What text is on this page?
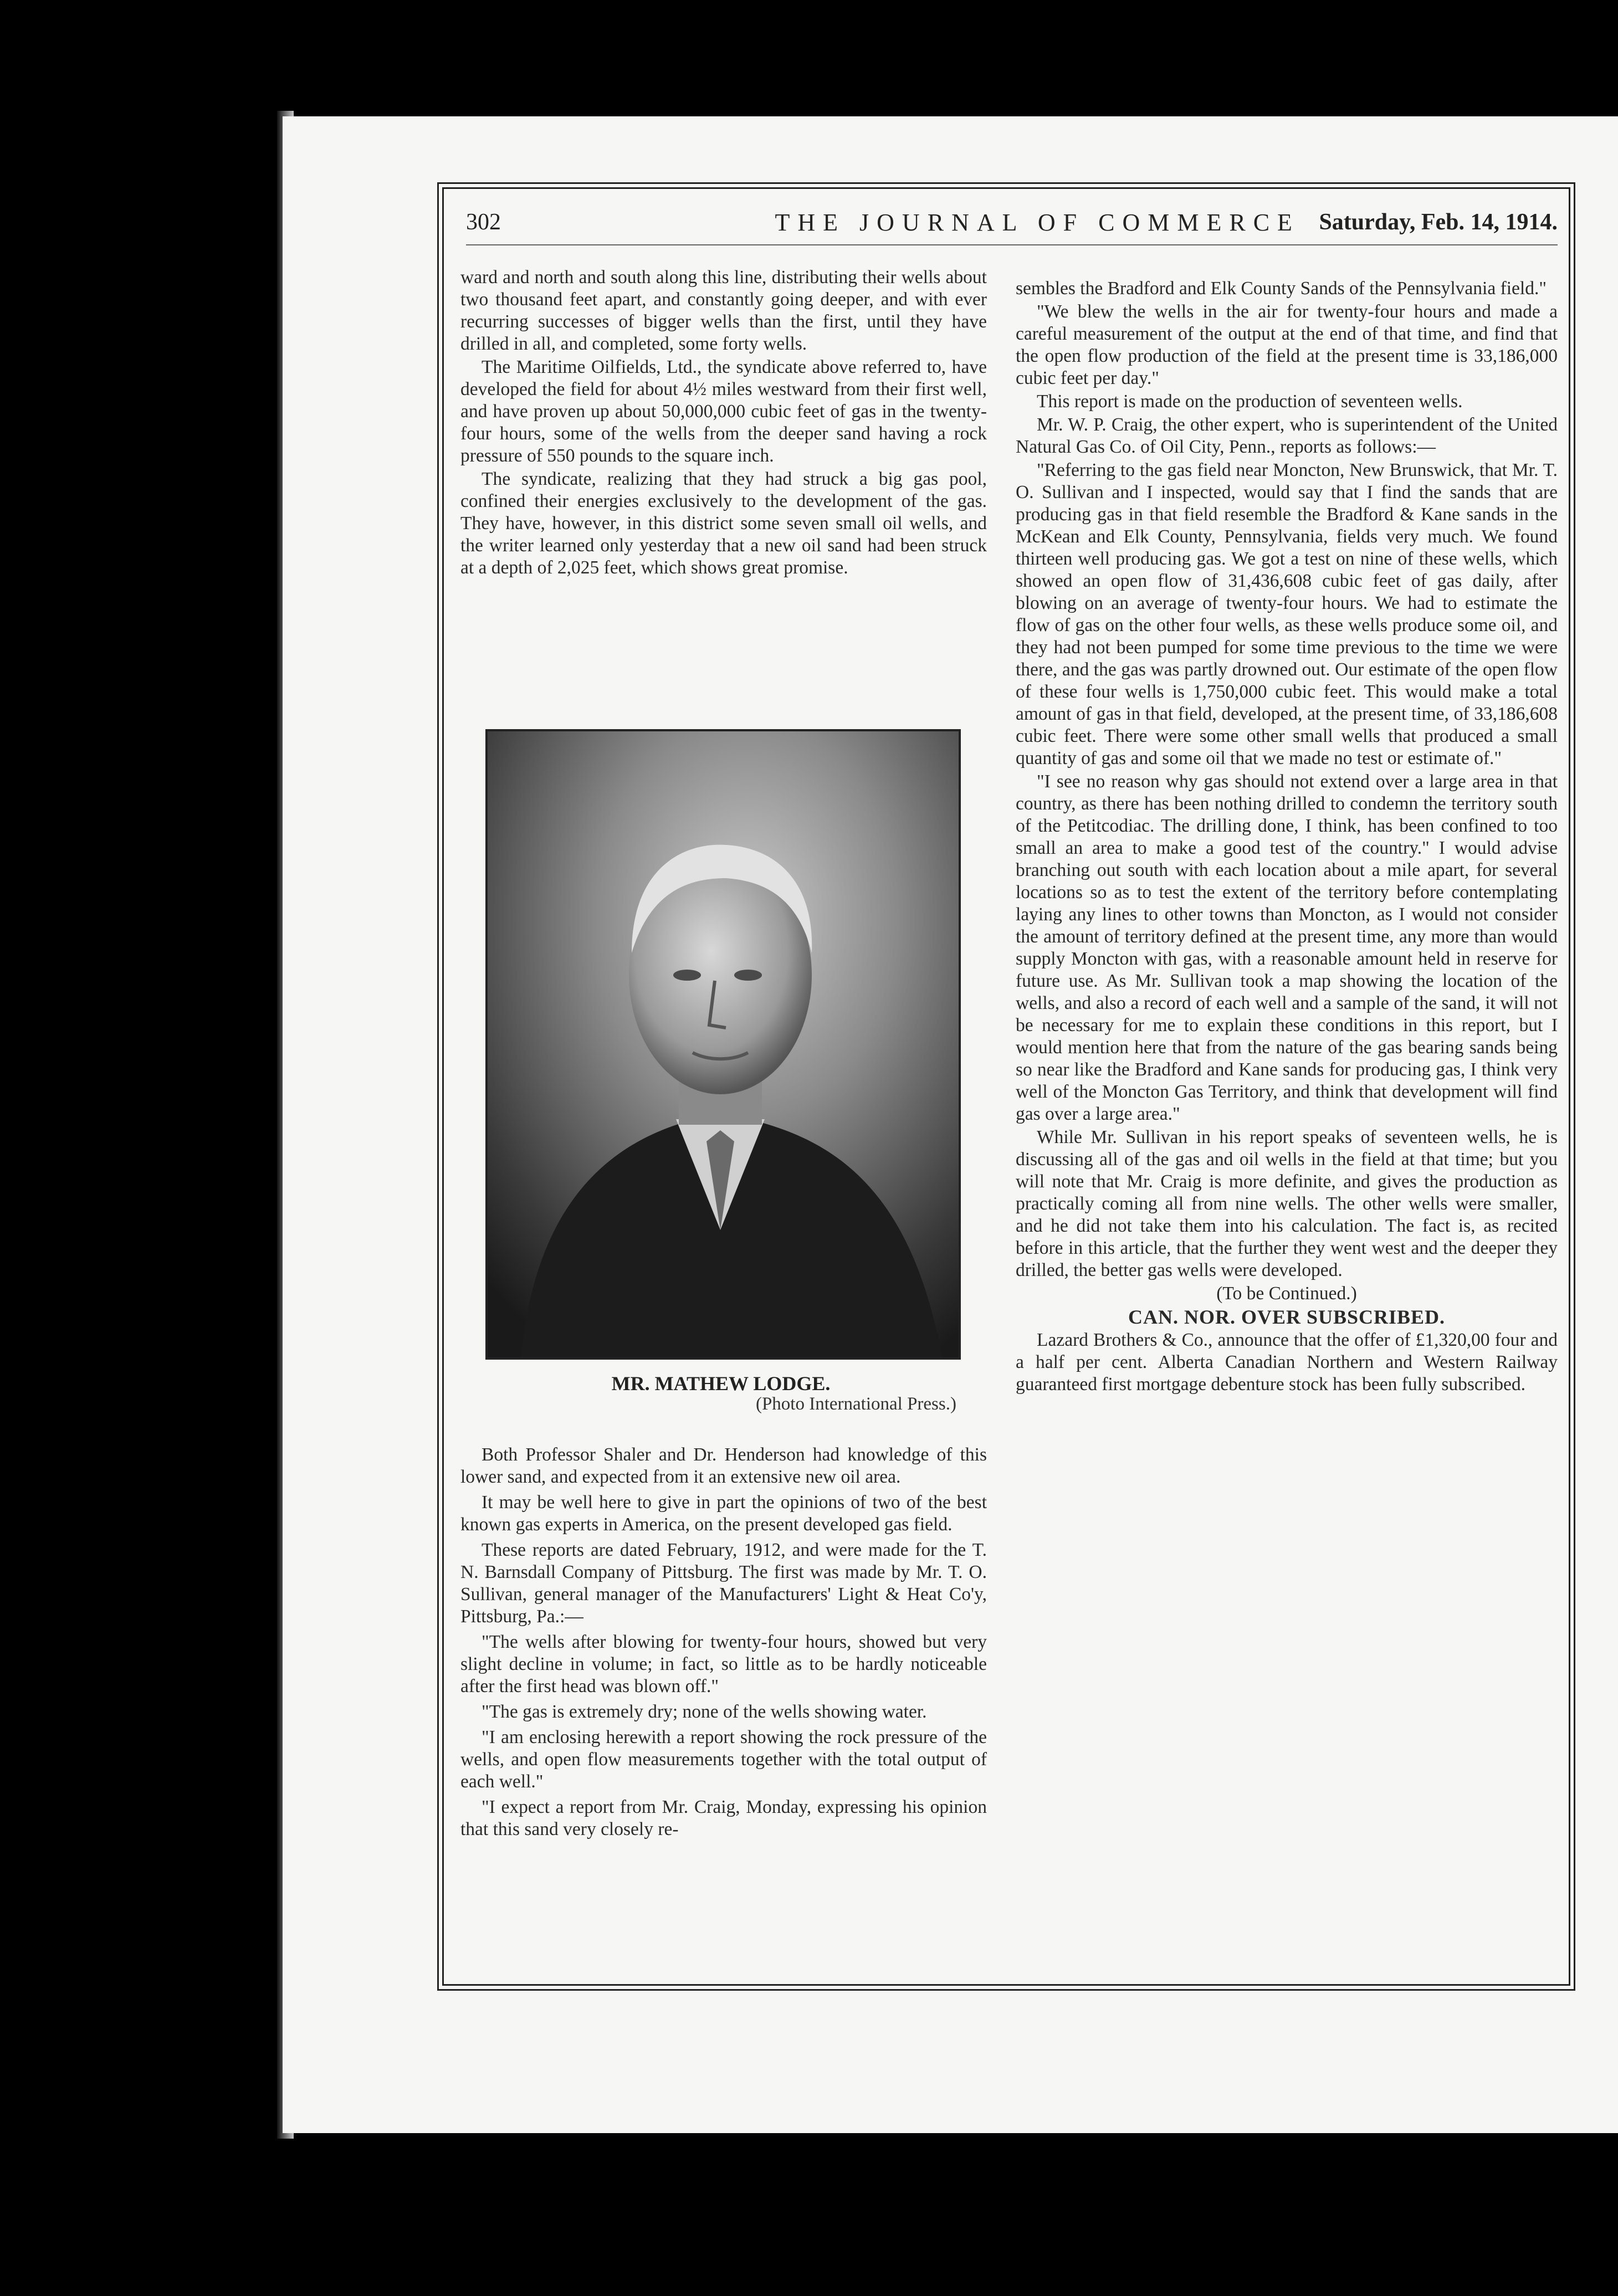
302	THE JOURNAL OF COMMERCE Saturday, Feb. 14, 1914.

ward and north and south along this line, distributing their wells about two thousand feet apart, and constantly going deeper, and with ever recurring successes of bigger wells than the first, until they have drilled in all, and completed, some forty wells.

The Maritime Oilfields, Ltd., the syndicate above referred to, have developed the field for about 4½ miles westward from their first well, and have proven up about 50,000,000 cubic feet of gas in the twenty-four hours, some of the wells from the deeper sand having a rock pressure of 550 pounds to the square inch.

The syndicate, realizing that they had struck a big gas pool, confined their energies exclusively to the development of the gas. They have, however, in this district some seven small oil wells, and the writer learned only yesterday that a new oil sand had been struck at a depth of 2,025 feet, which shows great promise.

MR. MATHEW LODGE.
(Photo International Press.)

Both Professor Shaler and Dr. Henderson had knowledge of this lower sand, and expected from it an extensive new oil area.

It may be well here to give in part the opinions of two of the best known gas experts in America, on the present developed gas field.

These reports are dated February, 1912, and were made for the T. N. Barnsdall Company of Pittsburg. The first was made by Mr. T. O. Sullivan, general manager of the Manufacturers' Light & Heat Co'y, Pittsburg, Pa.:—

"The wells after blowing for twenty-four hours, showed but very slight decline in volume; in fact, so little as to be hardly noticeable after the first head was blown off."

"The gas is extremely dry; none of the wells showing water.

"I am enclosing herewith a report showing the rock pressure of the wells, and open flow measurements together with the total output of each well."

"I expect a report from Mr. Craig, Monday, expressing his opinion that this sand very closely re-

sembles the Bradford and Elk County Sands of the Pennsylvania field."

"We blew the wells in the air for twenty-four hours and made a careful measurement of the output at the end of that time, and find that the open flow production of the field at the present time is 33,186,000 cubic feet per day."

This report is made on the production of seventeen wells.

Mr. W. P. Craig, the other expert, who is superintendent of the United Natural Gas Co. of Oil City, Penn., reports as follows:—

"Referring to the gas field near Moncton, New Brunswick, that Mr. T. O. Sullivan and I inspected, would say that I find the sands that are producing gas in that field resemble the Bradford & Kane sands in the McKean and Elk County, Pennsylvania, fields very much. We found thirteen well producing gas. We got a test on nine of these wells, which showed an open flow of 31,436,608 cubic feet of gas daily, after blowing on an average of twenty-four hours. We had to estimate the flow of gas on the other four wells, as these wells produce some oil, and they had not been pumped for some time previous to the time we were there, and the gas was partly drowned out. Our estimate of the open flow of these four wells is 1,750,000 cubic feet. This would make a total amount of gas in that field, developed, at the present time, of 33,186,608 cubic feet. There were some other small wells that produced a small quantity of gas and some oil that we made no test or estimate of."

"I see no reason why gas should not extend over a large area in that country, as there has been nothing drilled to condemn the territory south of the Petitcodiac. The drilling done, I think, has been confined to too small an area to make a good test of the country." I would advise branching out south with each location about a mile apart, for several locations so as to test the extent of the territory before contemplating laying any lines to other towns than Moncton, as I would not consider the amount of territory defined at the present time, any more than would supply Moncton with gas, with a reasonable amount held in reserve for future use. As Mr. Sullivan took a map showing the location of the wells, and also a record of each well and a sample of the sand, it will not be necessary for me to explain these conditions in this report, but I would mention here that from the nature of the gas bearing sands being so near like the Bradford and Kane sands for producing gas, I think very well of the Moncton Gas Territory, and think that development will find gas over a large area."

While Mr. Sullivan in his report speaks of seventeen wells, he is discussing all of the gas and oil wells in the field at that time; but you will note that Mr. Craig is more definite, and gives the production as practically coming all from nine wells. The other wells were smaller, and he did not take them into his calculation. The fact is, as recited before in this article, that the further they went west and the deeper they drilled, the better gas wells were developed.

(To be Continued.)

CAN. NOR. OVER SUBSCRIBED.

Lazard Brothers & Co., announce that the offer of £1,320,00 four and a half per cent. Alberta Canadian Northern and Western Railway guaranteed first mortgage debenture stock has been fully subscribed.
